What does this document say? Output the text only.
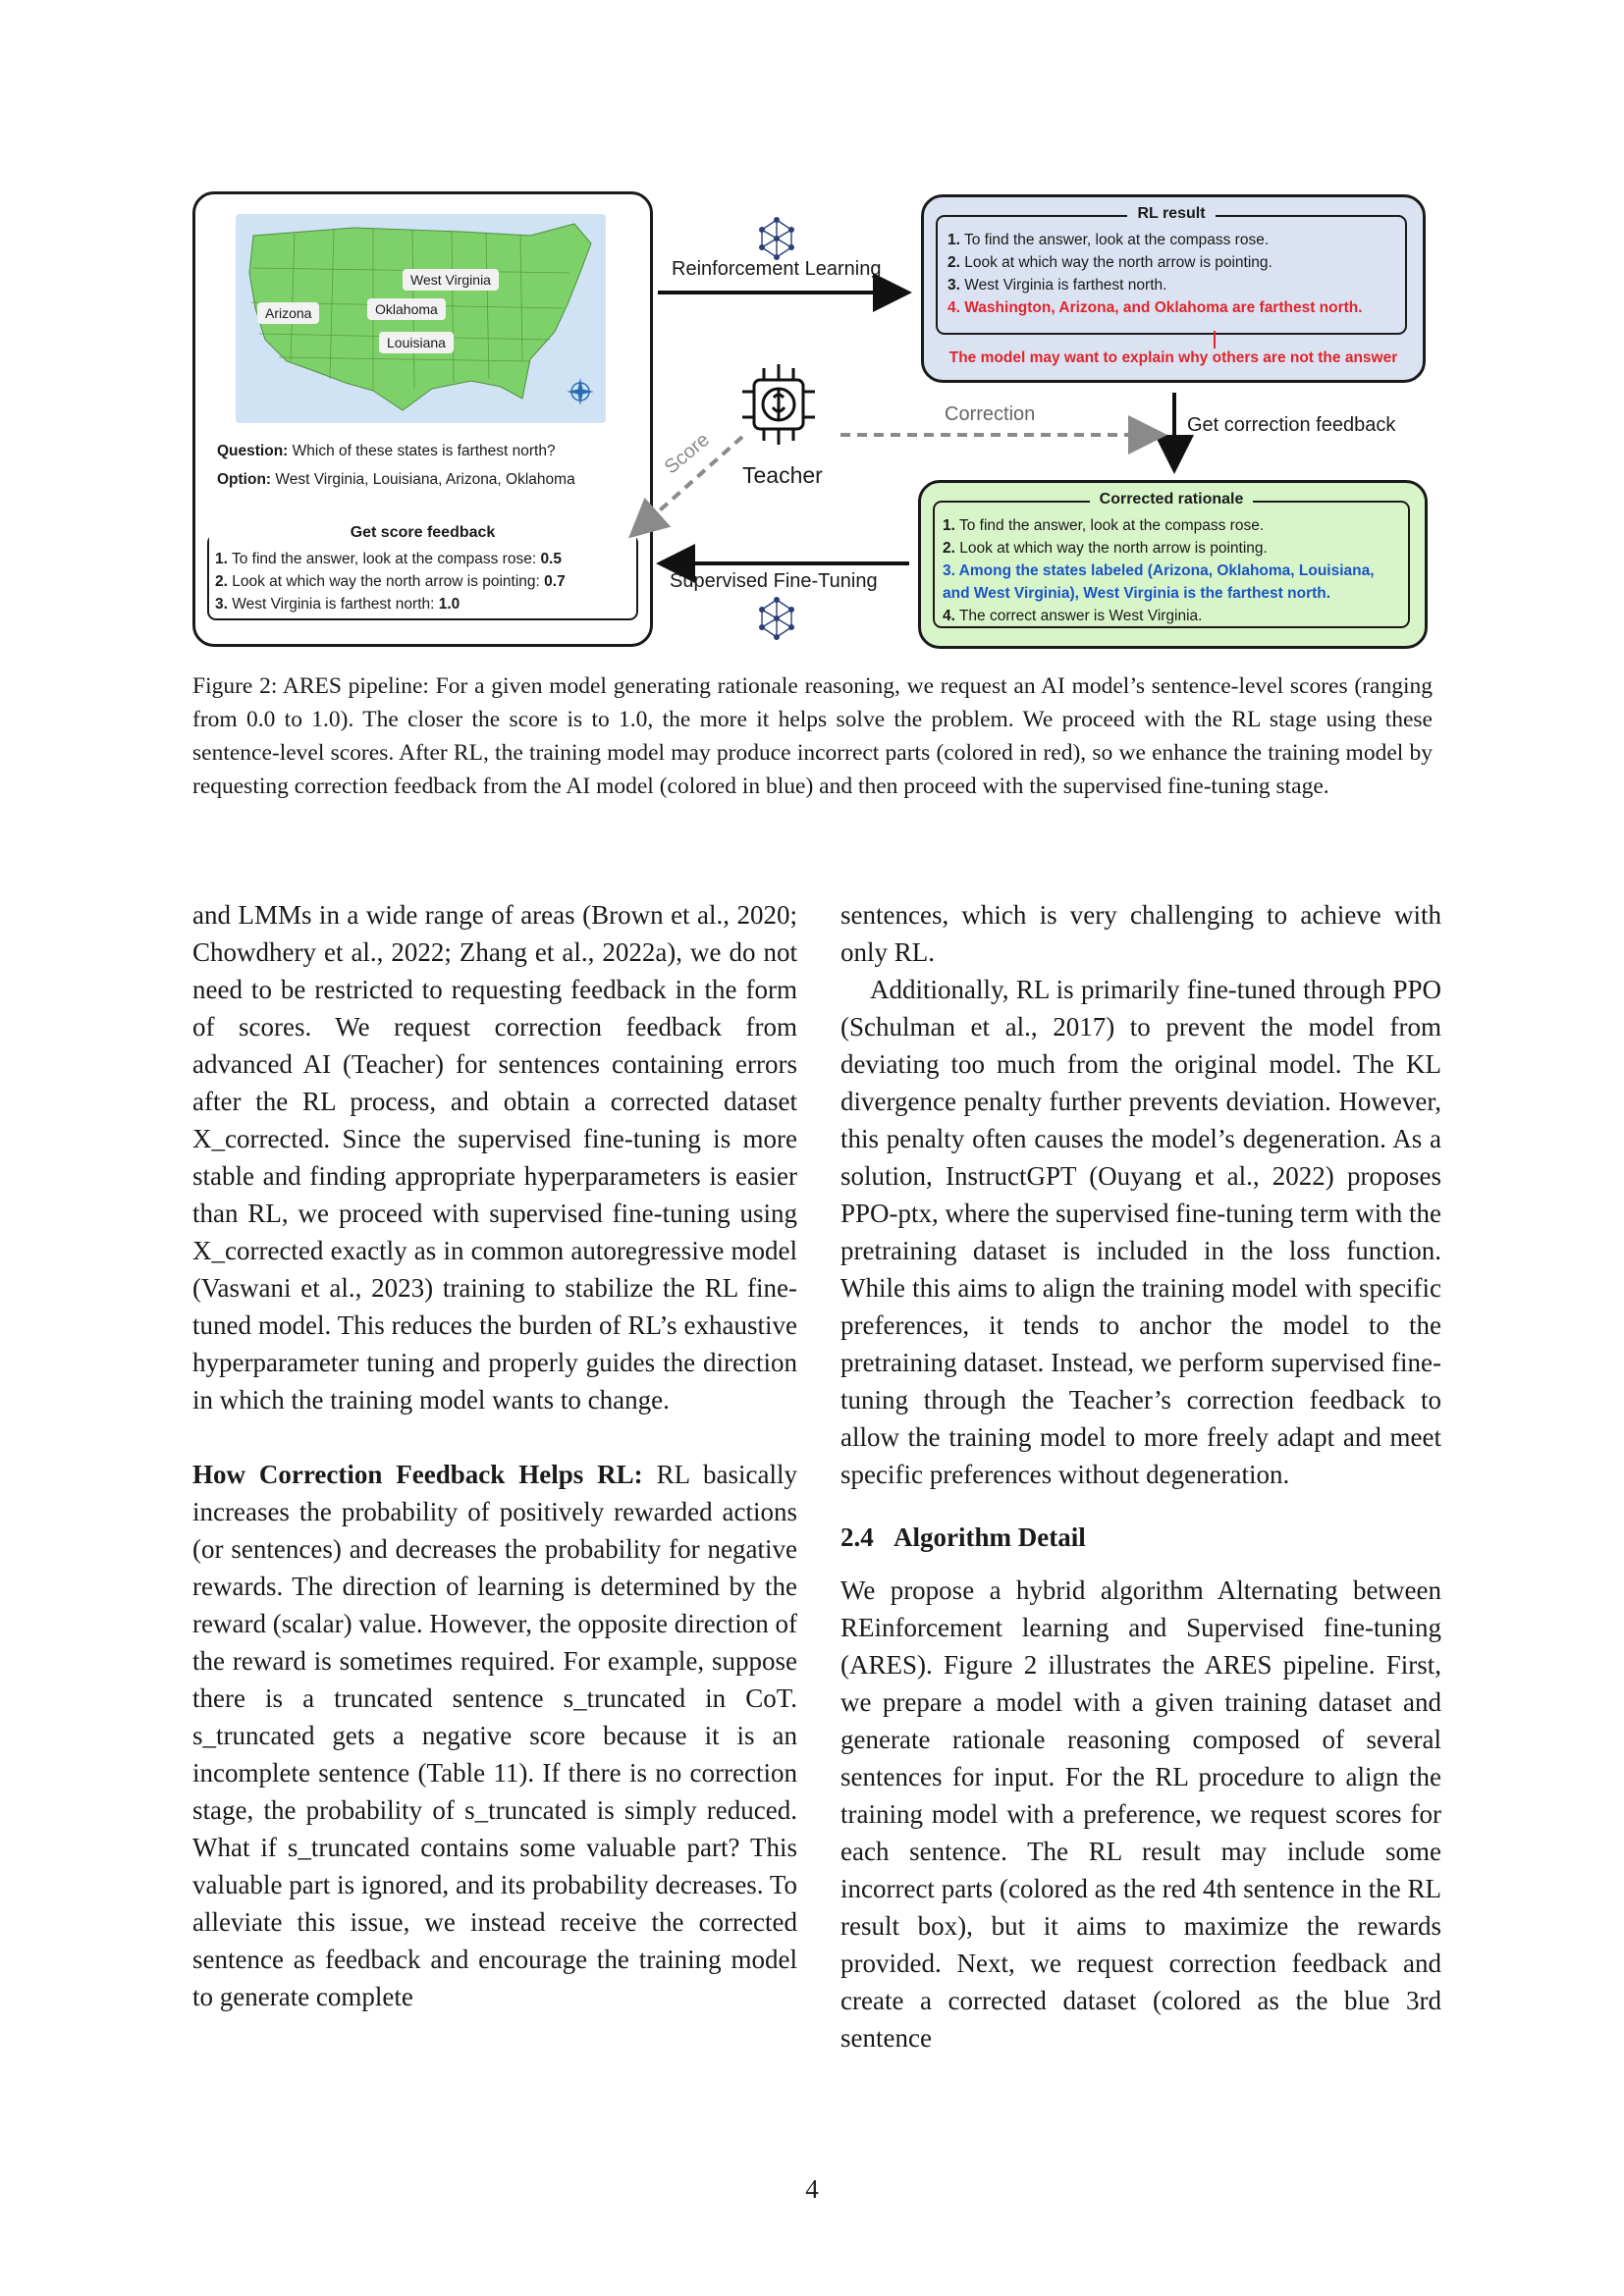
Oklahoma
West Virginia
Arizona
Louisiana
Question: Which of these states is farthest north?
Option: West Virginia, Louisiana, Arizona, Oklahoma
Get score feedback
1. To find the answer, look at the compass rose: 0.5
2. Look at which way the north arrow is pointing: 0.7
3. West Virginia is farthest north: 1.0
RL result
1. To find the answer, look at the compass rose.
2. Look at which way the north arrow is pointing.
3. West Virginia is farthest north.
4. Washington, Arizona, and Oklahoma are farthest north.
The model may want to explain why others are not the answer
Corrected rationale
1. To find the answer, look at the compass rose.
2. Look at which way the north arrow is pointing.
3. Among the states labeled (Arizona, Oklahoma, Louisiana,
and West Virginia), West Virginia is the farthest north.
4. The correct answer is West Virginia.
Reinforcement Learning
Teacher
Correction	Get correction feedback
Score
Supervised Fine-Tuning
Figure 2: ARES pipeline: For a given model generating rationale reasoning, we request an AI model’s sentence-level scores (ranging from 0.0 to 1.0). The closer the score is to 1.0, the more it helps solve the problem. We proceed with the RL stage using these sentence-level scores. After RL, the training model may produce incorrect parts (colored in red), so we enhance the training model by requesting correction feedback from the AI model (colored in blue) and then proceed with the supervised fine-tuning stage.

and LMMs in a wide range of areas (Brown et al., 2020; Chowdhery et al., 2022; Zhang et al., 2022a), we do not need to be restricted to requesting feedback in the form of scores. We request correction feedback from advanced AI (Teacher) for sentences containing errors after the RL process, and obtain a corrected dataset X_corrected. Since the supervised fine-tuning is more stable and finding appropriate hyperparameters is easier than RL, we proceed with supervised fine-tuning using X_corrected exactly as in common autoregressive model (Vaswani et al., 2023) training to stabilize the RL fine-tuned model. This reduces the burden of RL’s exhaustive hyperparameter tuning and properly guides the direction in which the training model wants to change.

How Correction Feedback Helps RL: RL basically increases the probability of positively rewarded actions (or sentences) and decreases the probability for negative rewards. The direction of learning is determined by the reward (scalar) value. However, the opposite direction of the reward is sometimes required. For example, suppose there is a truncated sentence s_truncated in CoT. s_truncated gets a negative score because it is an incomplete sentence (Table 11). If there is no correction stage, the probability of s_truncated is simply reduced. What if s_truncated contains some valuable part? This valuable part is ignored, and its probability decreases. To alleviate this issue, we instead receive the corrected sentence as feedback and encourage the training model to generate complete

sentences, which is very challenging to achieve with only RL.

Additionally, RL is primarily fine-tuned through PPO (Schulman et al., 2017) to prevent the model from deviating too much from the original model. The KL divergence penalty further prevents deviation. However, this penalty often causes the model’s degeneration. As a solution, InstructGPT (Ouyang et al., 2022) proposes PPO-ptx, where the supervised fine-tuning term with the pretraining dataset is included in the loss function. While this aims to align the training model with specific preferences, it tends to anchor the model to the pretraining dataset. Instead, we perform supervised fine-tuning through the Teacher’s correction feedback to allow the training model to more freely adapt and meet specific preferences without degeneration.

2.4 Algorithm Detail

We propose a hybrid algorithm Alternating between REinforcement learning and Supervised fine-tuning (ARES). Figure 2 illustrates the ARES pipeline. First, we prepare a model with a given training dataset and generate rationale reasoning composed of several sentences for input. For the RL procedure to align the training model with a preference, we request scores for each sentence. The RL result may include some incorrect parts (colored as the red 4th sentence in the RL result box), but it aims to maximize the rewards provided. Next, we request correction feedback and create a corrected dataset (colored as the blue 3rd sentence

4
